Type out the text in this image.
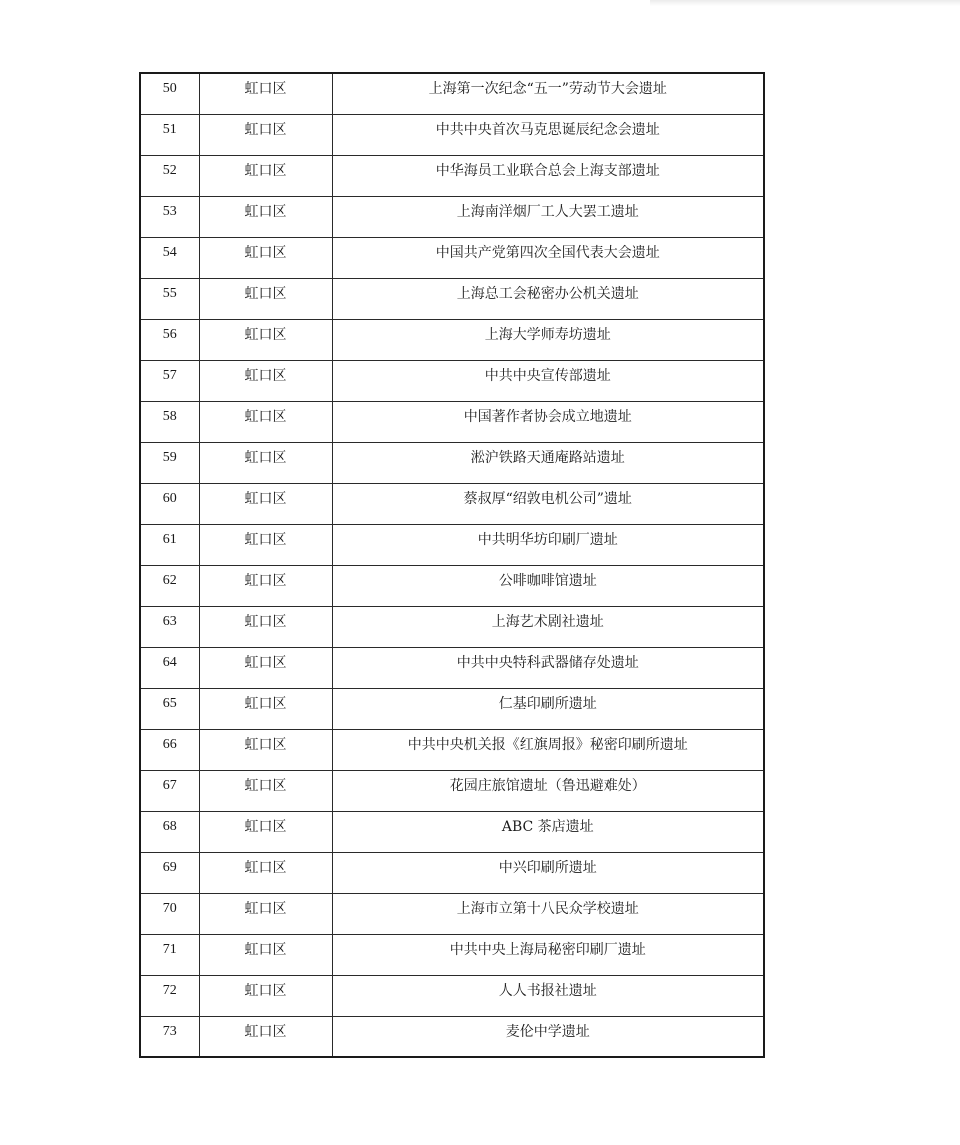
50	虹口区	上海第一次纪念“五一”劳动节大会遗址
51	虹口区	中共中央首次马克思诞辰纪念会遗址
52	虹口区	中华海员工业联合总会上海支部遗址
53	虹口区	上海南洋烟厂工人大罢工遗址
54	虹口区	中国共产党第四次全国代表大会遗址
55	虹口区	上海总工会秘密办公机关遗址
56	虹口区	上海大学师寿坊遗址
57	虹口区	中共中央宣传部遗址
58	虹口区	中国著作者协会成立地遗址
59	虹口区	淞沪铁路天通庵路站遗址
60	虹口区	蔡叔厚“绍敦电机公司”遗址
61	虹口区	中共明华坊印刷厂遗址
62	虹口区	公啡咖啡馆遗址
63	虹口区	上海艺术剧社遗址
64	虹口区	中共中央特科武器储存处遗址
65	虹口区	仁基印刷所遗址
66	虹口区	中共中央机关报《红旗周报》秘密印刷所遗址
67	虹口区	花园庄旅馆遗址（鲁迅避难处）
68	虹口区	ABC 茶店遗址
69	虹口区	中兴印刷所遗址
70	虹口区	上海市立第十八民众学校遗址
71	虹口区	中共中央上海局秘密印刷厂遗址
72	虹口区	人人书报社遗址
73	虹口区	麦伦中学遗址
